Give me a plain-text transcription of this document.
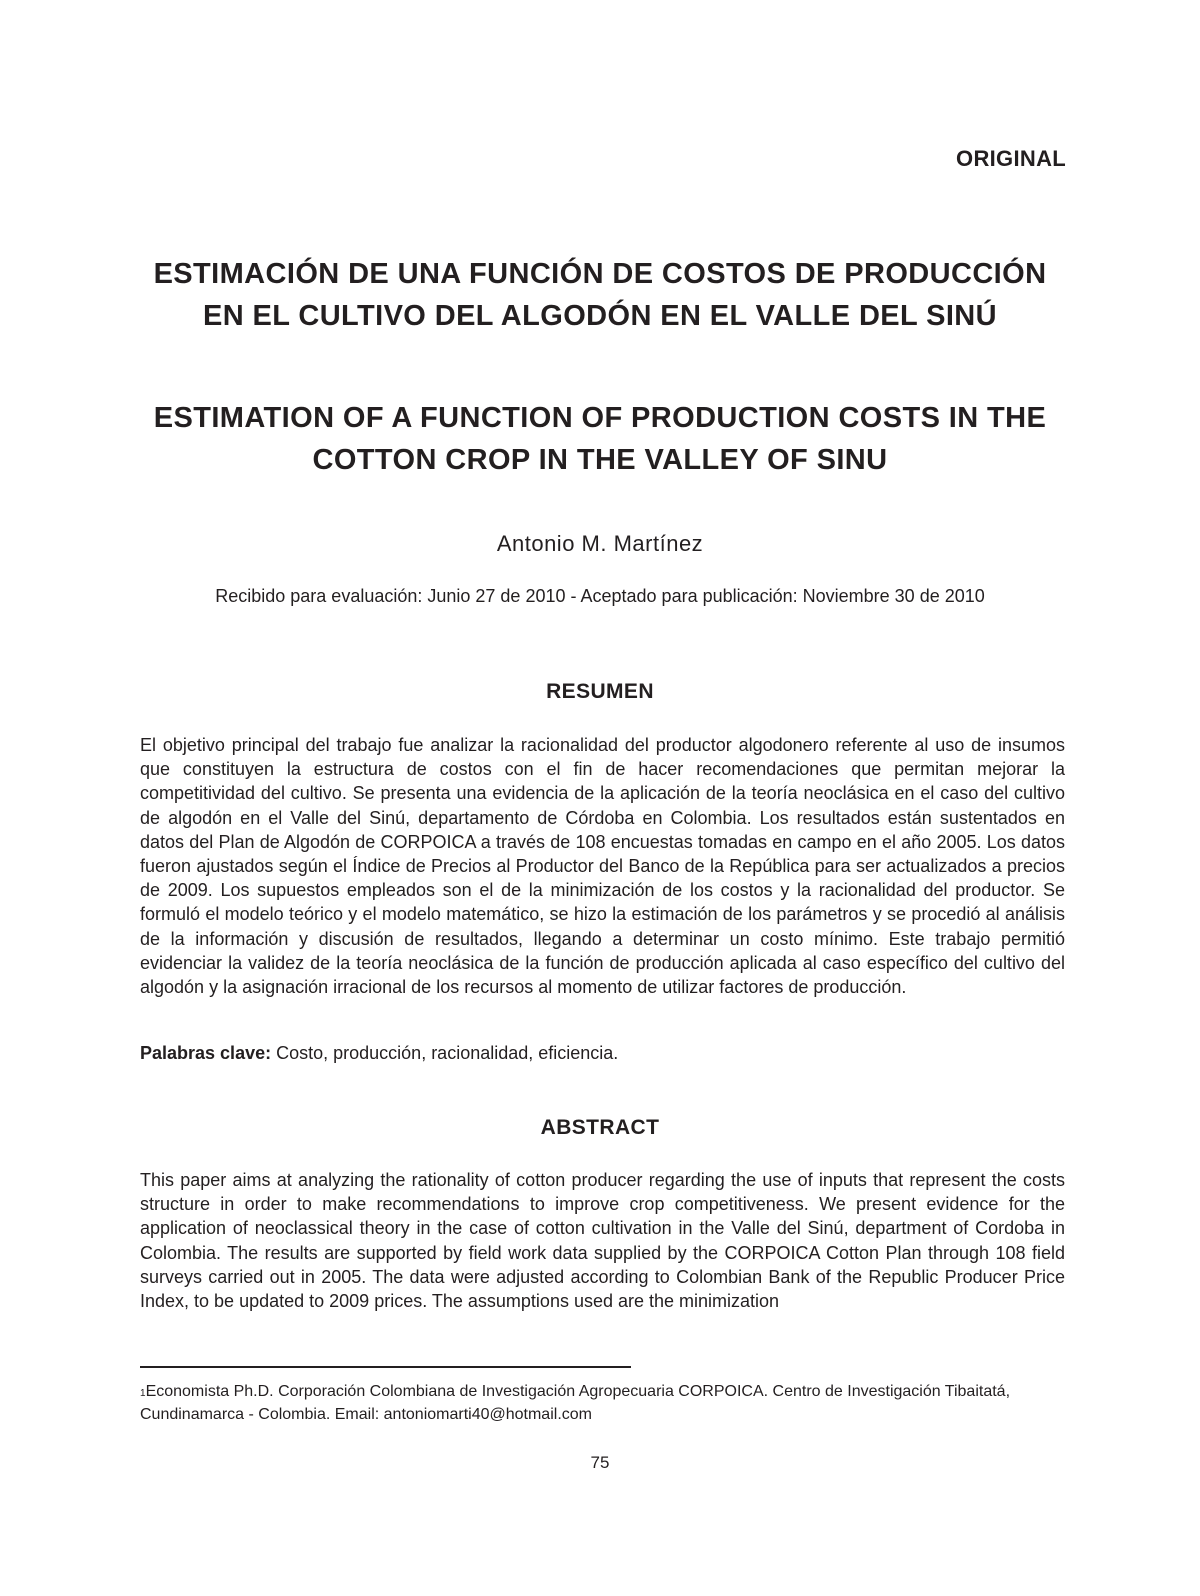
ORIGINAL
ESTIMACIÓN DE UNA FUNCIÓN DE COSTOS DE PRODUCCIÓN EN EL CULTIVO DEL ALGODÓN EN EL VALLE DEL SINÚ
ESTIMATION OF A FUNCTION OF PRODUCTION COSTS IN THE COTTON CROP IN THE VALLEY OF SINU
Antonio M. Martínez
Recibido para evaluación: Junio 27 de 2010 - Aceptado para publicación: Noviembre 30 de 2010
RESUMEN
El objetivo principal del trabajo fue analizar la racionalidad del productor algodonero referente al uso de insumos que constituyen la estructura de costos con el fin de hacer recomendaciones que permitan mejorar la competitividad del cultivo. Se presenta una evidencia de la aplicación de la teoría neoclásica en el caso del cultivo de algodón en el Valle del Sinú, departamento de Córdoba en Colombia. Los resultados están sustentados en datos del Plan de Algodón de CORPOICA a través de 108 encuestas tomadas en campo en el año 2005. Los datos fueron ajustados según el Índice de Precios al Productor del Banco de la República para ser actualizados a precios de 2009. Los supuestos empleados son el de la minimización de los costos y la racionalidad del productor. Se formuló el modelo teórico y el modelo matemático, se hizo la estimación de los parámetros y se procedió al análisis de la información y discusión de resultados, llegando a determinar un costo mínimo. Este trabajo permitió evidenciar la validez de la teoría neoclásica de la función de producción aplicada al caso específico del cultivo del algodón y la asignación irracional de los recursos al momento de utilizar factores de producción.
Palabras clave: Costo, producción, racionalidad, eficiencia.
ABSTRACT
This paper aims at analyzing the rationality of cotton producer regarding the use of inputs that represent the costs structure in order to make recommendations to improve crop competitiveness. We present evidence for the application of neoclassical theory in the case of cotton cultivation in the Valle del Sinú, department of Cordoba in Colombia. The results are supported by field work data supplied by the CORPOICA Cotton Plan through 108 field surveys carried out in 2005. The data were adjusted according to Colombian Bank of the Republic Producer Price Index, to be updated to 2009 prices. The assumptions used are the minimization
$^1$Economista Ph.D. Corporación Colombiana de Investigación Agropecuaria CORPOICA. Centro de Investigación Tibaitatá,
Cundinamarca - Colombia. Email: antoniomarti40@hotmail.com
75
